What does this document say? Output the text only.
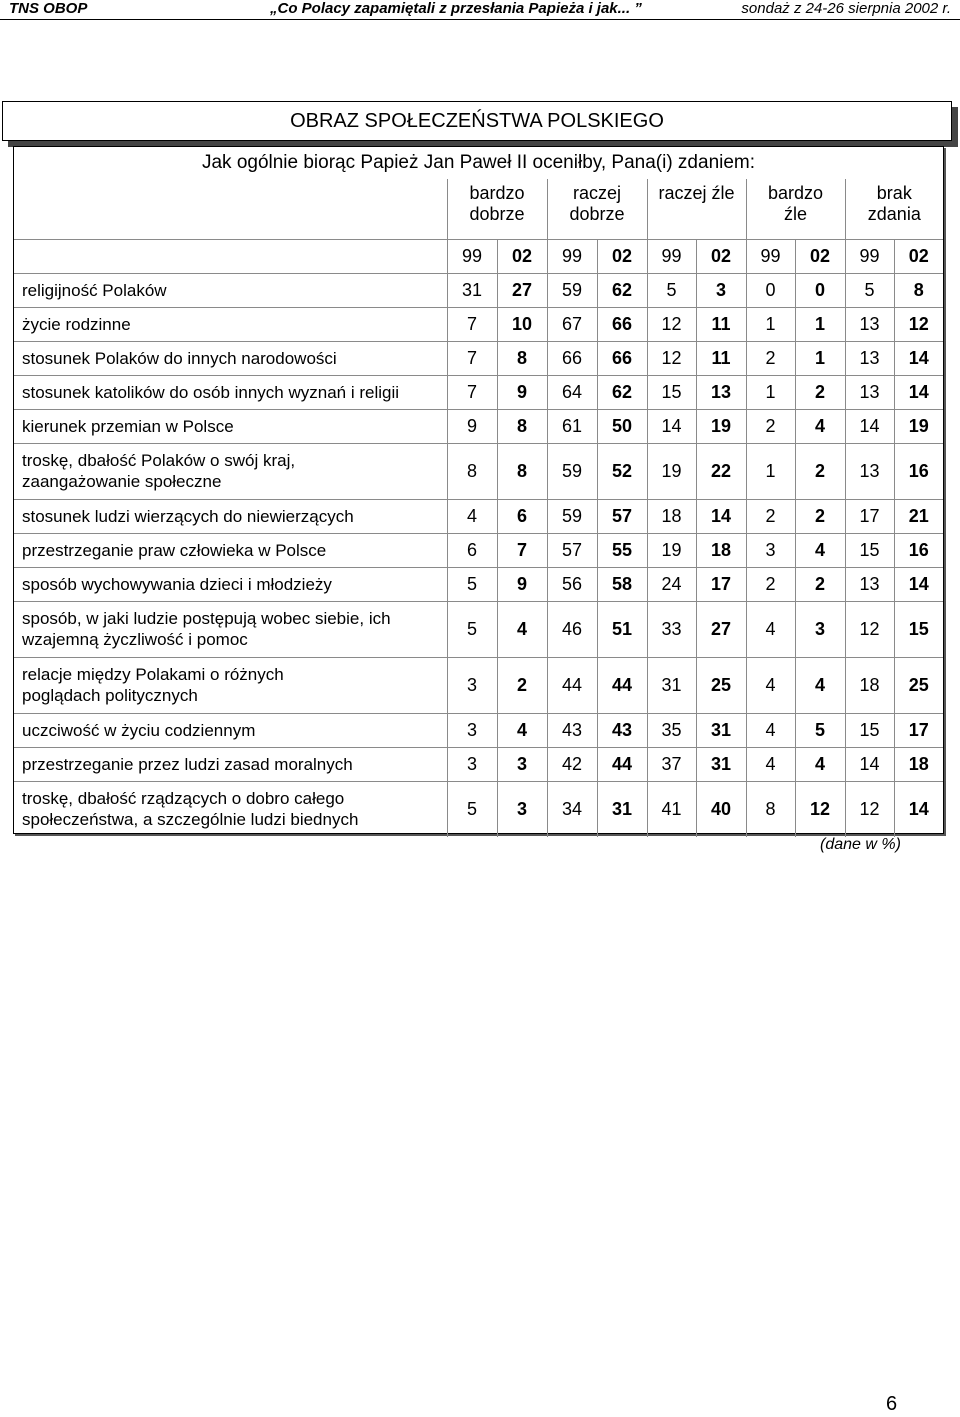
TNS OBOP	„Co Polacy zapamiętali z przesłania Papieża i jak... ”	sondaż z 24-26 sierpnia 2002 r.
OBRAZ SPOŁECZEŃSTWA POLSKIEGO
Jak ogólnie biorąc Papież Jan Paweł II oceniłby, Pana(i) zdaniem:
	bardzo
dobrze		raczej
dobrze		raczej źle		bardzo
źle		brak
zdania	
	99	02	99	02	99	02	99	02	99	02
religijność Polaków	31	27	59	62	5	3	0	0	5	8
życie rodzinne	7	10	67	66	12	11	1	1	13	12
stosunek Polaków do innych narodowości	7	8	66	66	12	11	2	1	13	14
stosunek katolików do osób innych wyznań i religii	7	9	64	62	15	13	1	2	13	14
kierunek przemian w Polsce	9	8	61	50	14	19	2	4	14	19
troskę, dbałość Polaków o swój kraj, zaangażowanie społeczne	8	8	59	52	19	22	1	2	13	16
stosunek ludzi wierzących do niewierzących	4	6	59	57	18	14	2	2	17	21
przestrzeganie praw człowieka w Polsce	6	7	57	55	19	18	3	4	15	16
sposób wychowywania dzieci i młodzieży	5	9	56	58	24	17	2	2	13	14
sposób, w jaki ludzie postępują wobec siebie, ich wzajemną życzliwość i pomoc	5	4	46	51	33	27	4	3	12	15
relacje między Polakami o różnych poglądach politycznych	3	2	44	44	31	25	4	4	18	25
uczciwość w życiu codziennym	3	4	43	43	35	31	4	5	15	17
przestrzeganie przez ludzi zasad moralnych	3	3	42	44	37	31	4	4	14	18
troskę, dbałość rządzących o dobro całego społeczeństwa, a szczególnie ludzi biednych	5	3	34	31	41	40	8	12	12	14
(dane w %)
6
